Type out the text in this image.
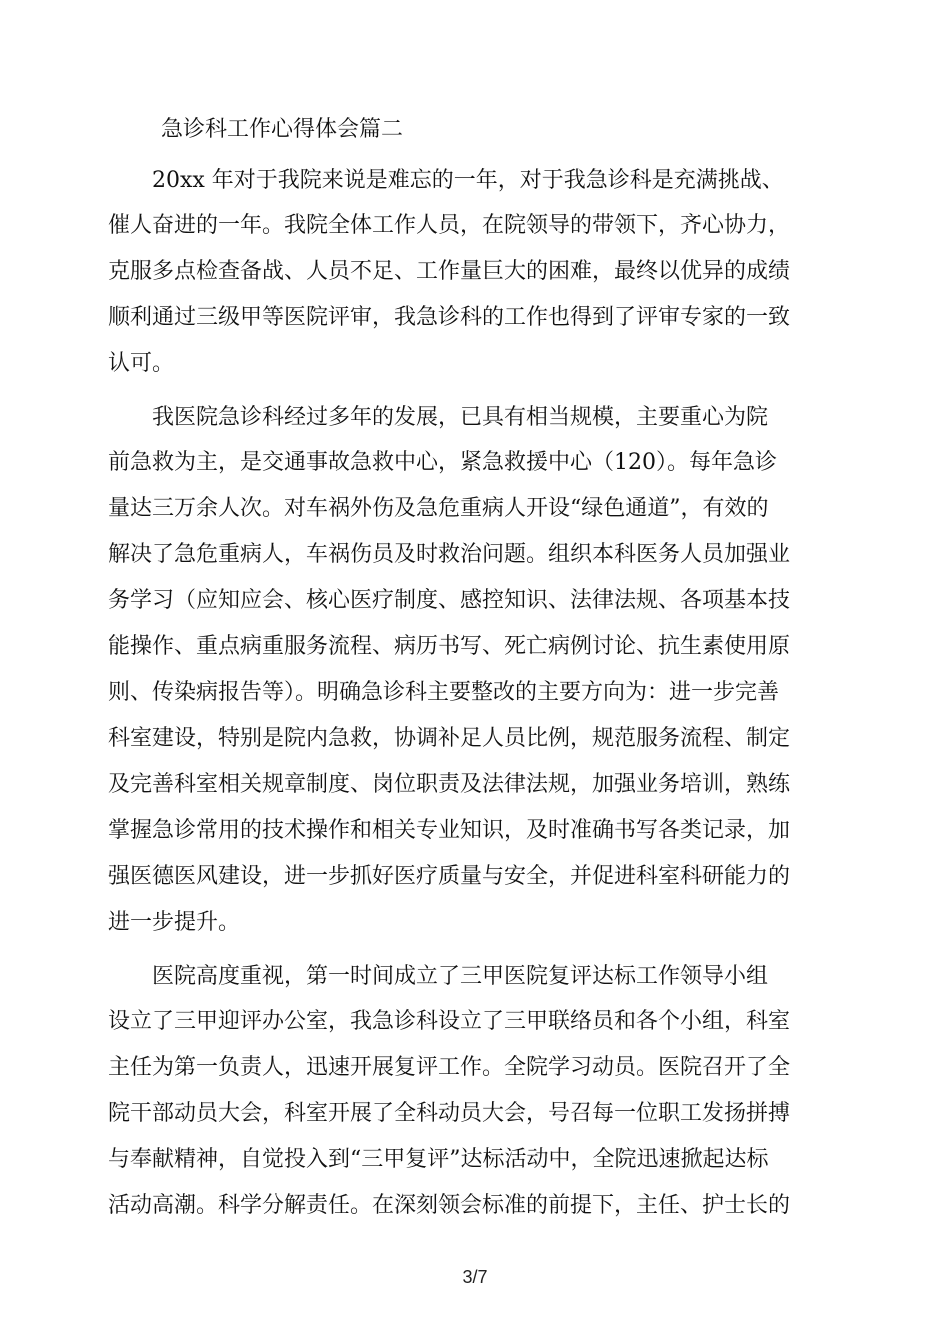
急诊科工作心得体会篇二
　　20xx 年对于我院来说是难忘的一年，对于我急诊科是充满挑战、
催人奋进的一年。我院全体工作人员，在院领导的带领下，齐心协力，
克服多点检查备战、人员不足、工作量巨大的困难，最终以优异的成绩
顺利通过三级甲等医院评审，我急诊科的工作也得到了评审专家的一致
认可。
　　我医院急诊科经过多年的发展，已具有相当规模，主要重心为院
前急救为主，是交通事故急救中心，紧急救援中心（120）。每年急诊
量达三万余人次。对车祸外伤及急危重病人开设“绿色通道”，有效的
解决了急危重病人，车祸伤员及时救治问题。组织本科医务人员加强业
务学习（应知应会、核心医疗制度、感控知识、法律法规、各项基本技
能操作、重点病重服务流程、病历书写、死亡病例讨论、抗生素使用原
则、传染病报告等）。明确急诊科主要整改的主要方向为：进一步完善
科室建设，特别是院内急救，协调补足人员比例，规范服务流程、制定
及完善科室相关规章制度、岗位职责及法律法规，加强业务培训，熟练
掌握急诊常用的技术操作和相关专业知识，及时准确书写各类记录，加
强医德医风建设，进一步抓好医疗质量与安全，并促进科室科研能力的
进一步提升。
　　医院高度重视，第一时间成立了三甲医院复评达标工作领导小组
设立了三甲迎评办公室，我急诊科设立了三甲联络员和各个小组，科室
主任为第一负责人，迅速开展复评工作。全院学习动员。医院召开了全
院干部动员大会，科室开展了全科动员大会，号召每一位职工发扬拼搏
与奉献精神，自觉投入到“三甲复评”达标活动中，全院迅速掀起达标
活动高潮。科学分解责任。在深刻领会标准的前提下，主任、护士长的
3/7
